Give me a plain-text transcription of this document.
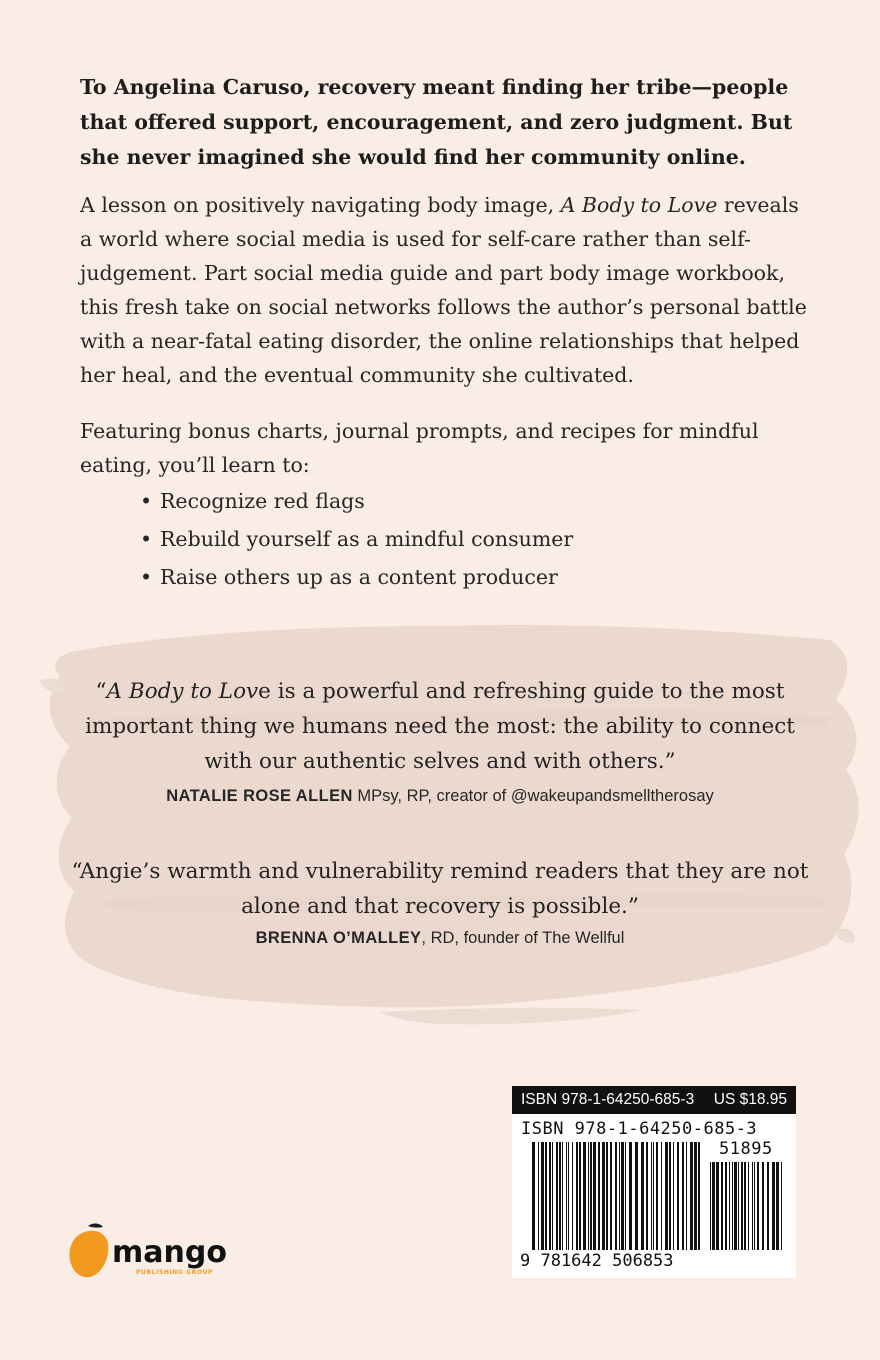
To Angelina Caruso, recovery meant finding her tribe—people that offered support, encouragement, and zero judgment. But she never imagined she would find her community online.

A lesson on positively navigating body image, A Body to Love reveals a world where social media is used for self-care rather than self-judgement. Part social media guide and part body image workbook, this fresh take on social networks follows the author’s personal battle with a near-fatal eating disorder, the online relationships that helped her heal, and the eventual community she cultivated.

Featuring bonus charts, journal prompts, and recipes for mindful eating, you’ll learn to:

• Recognize red flags
• Rebuild yourself as a mindful consumer
• Raise others up as a content producer

“A Body to Love is a powerful and refreshing guide to the most important thing we humans need the most: the ability to connect with our authentic selves and with others.”

NATALIE ROSE ALLEN MPsy, RP, creator of @wakeupandsmelltherosay

“Angie’s warmth and vulnerability remind readers that they are not alone and that recovery is possible.”

BRENNA O’MALLEY, RD, founder of The Wellful
ISBN 978-1-64250-685-3 US $18.95
ISBN 978-1-64250-685-3
51895
9 781642 506853
mango
PUBLISHING GROUP
